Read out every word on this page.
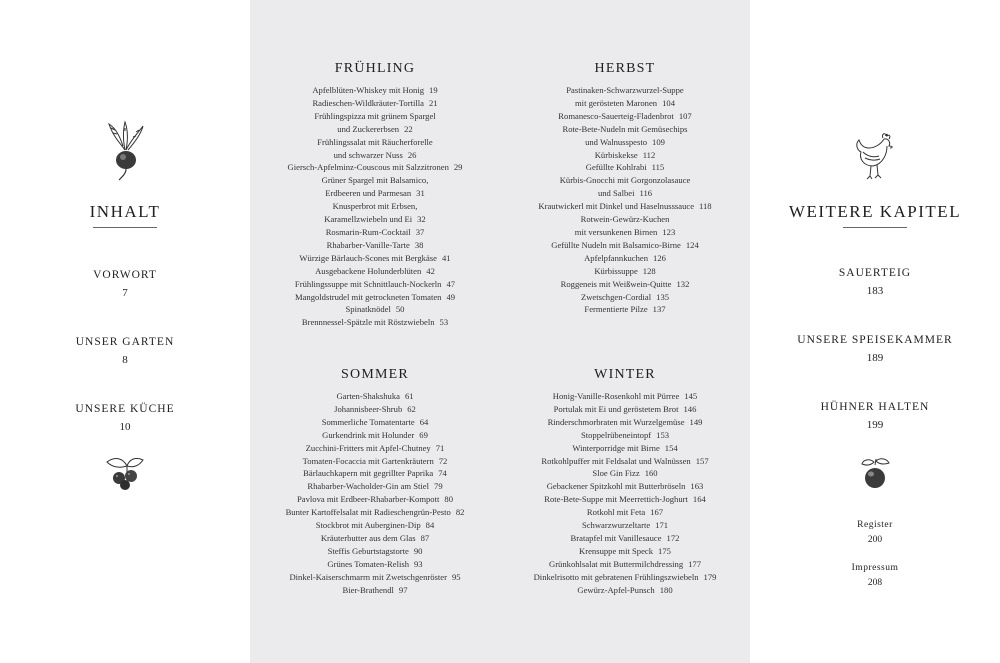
INHALT
VORWORT
7
UNSER GARTEN
8
UNSERE KÜCHE
10
WEITERE KAPITEL
SAUERTEIG
183
UNSERE SPEISEKAMMER
189
HÜHNER HALTEN
199
Register
200
Impressum
208
FRÜHLING
Apfelblüten-Whiskey mit Honig 19
Radieschen-Wildkräuter-Tortilla 21
Frühlingspizza mit grünem Spargel
und Zuckererbsen 22
Frühlingssalat mit Räucherforelle
und schwarzer Nuss 26
Giersch-Apfelminz-Couscous mit Salzzitronen 29
Grüner Spargel mit Balsamico,
Erdbeeren und Parmesan 31
Knusperbrot mit Erbsen,
Karamellzwiebeln und Ei 32
Rosmarin-Rum-Cocktail 37
Rhabarber-Vanille-Tarte 38
Würzige Bärlauch-Scones mit Bergkäse 41
Ausgebackene Holunderblüten 42
Frühlingssuppe mit Schnittlauch-Nockerln 47
Mangoldstrudel mit getrockneten Tomaten 49
Spinatknödel 50
Brennnessel-Spätzle mit Röstzwiebeln 53
HERBST
Pastinaken-Schwarzwurzel-Suppe
mit gerösteten Maronen 104
Romanesco-Sauerteig-Fladenbrot 107
Rote-Bete-Nudeln mit Gemüsechips
und Walnusspesto 109
Kürbiskekse 112
Gefüllte Kohlrabi 115
Kürbis-Gnocchi mit Gorgonzolasauce
und Salbei 116
Krautwickerl mit Dinkel und Haselnusssauce 118
Rotwein-Gewürz-Kuchen
mit versunkenen Birnen 123
Gefüllte Nudeln mit Balsamico-Birne 124
Apfelpfannkuchen 126
Kürbissuppe 128
Roggeneis mit Weißwein-Quitte 132
Zwetschgen-Cordial 135
Fermentierte Pilze 137
SOMMER
Garten-Shakshuka 61
Johannisbeer-Shrub 62
Sommerliche Tomatentarte 64
Gurkendrink mit Holunder 69
Zucchini-Fritters mit Apfel-Chutney 71
Tomaten-Focaccia mit Gartenkräutern 72
Bärlauchkapern mit gegrillter Paprika 74
Rhabarber-Wacholder-Gin am Stiel 79
Pavlova mit Erdbeer-Rhabarber-Kompott 80
Bunter Kartoffelsalat mit Radieschengrün-Pesto 82
Stockbrot mit Auberginen-Dip 84
Kräuterbutter aus dem Glas 87
Steffis Geburtstagstorte 90
Grünes Tomaten-Relish 93
Dinkel-Kaiserschmarrn mit Zwetschgenröster 95
Bier-Brathendl 97
WINTER
Honig-Vanille-Rosenkohl mit Pürree 145
Portulak mit Ei und geröstetem Brot 146
Rinderschmorbraten mit Wurzelgemüse 149
Stoppelrübeneintopf 153
Winterporridge mit Birne 154
Rotkohlpuffer mit Feldsalat und Walnüssen 157
Sloe Gin Fizz 160
Gebackener Spitzkohl mit Butterbröseln 163
Rote-Bete-Suppe mit Meerrettich-Joghurt 164
Rotkohl mit Feta 167
Schwarzwurzeltarte 171
Bratapfel mit Vanillesauce 172
Krensuppe mit Speck 175
Grünkohlsalat mit Buttermilchdressing 177
Dinkelrisotto mit gebratenen Frühlingszwiebeln 179
Gewürz-Apfel-Punsch 180
